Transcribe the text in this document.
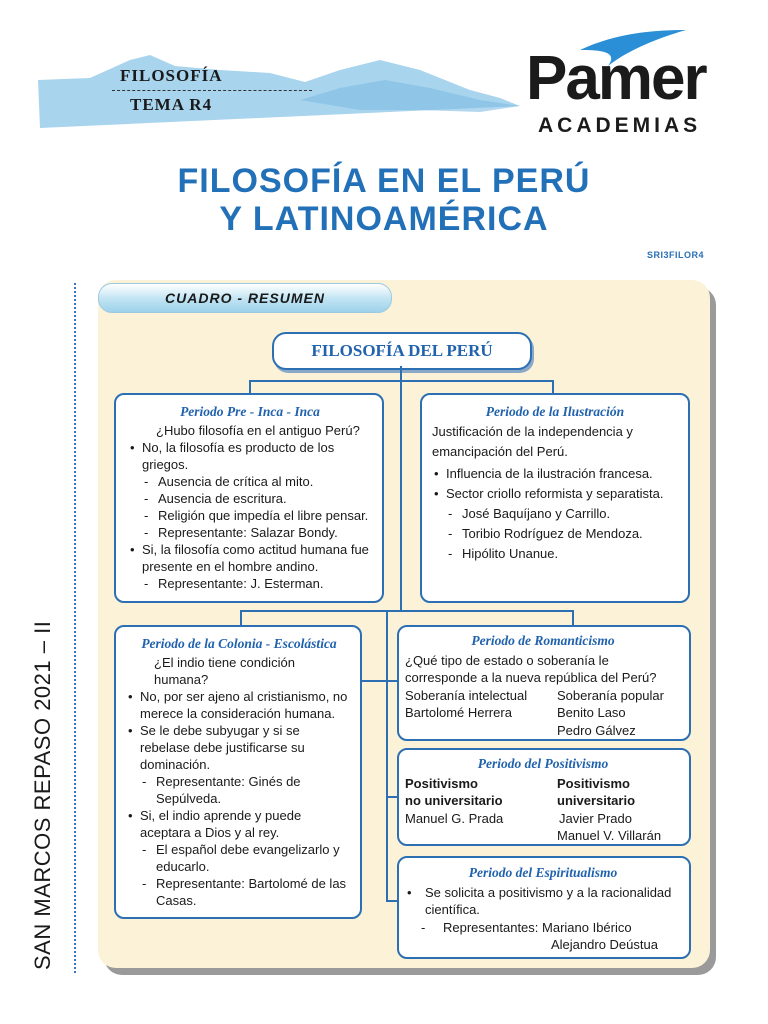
FILOSOFÍA
TEMA R4	Pamer
ACADEMIAS
FILOSOFÍA EN EL PERÚ
Y LATINOAMÉRICA
SRI3FILOR4
SAN MARCOS REPASO 2021 – II
CUADRO - RESUMEN
FILOSOFÍA DEL PERÚ
Periodo Pre - Inca - Inca
¿Hubo filosofía en el antiguo Perú?
• No, la filosofía es producto de los griegos.
- Ausencia de crítica al mito.
- Ausencia de escritura.
- Religión que impedía el libre pensar.
- Representante: Salazar Bondy.
• Si, la filosofía como actitud humana fue presente en el hombre andino.
- Representante: J. Esterman.
Periodo de la Ilustración
Justificación de la independencia y emancipación del Perú.
• Influencia de la ilustración francesa.
• Sector criollo reformista y separatista.
- José Baquíjano y Carrillo.
- Toribio Rodríguez de Mendoza.
- Hipólito Unanue.
Periodo de la Colonia - Escolástica
¿El indio tiene condición humana?
• No, por ser ajeno al cristianismo, no merece la consideración humana.
• Se le debe subyugar y si se rebelase debe justificarse su dominación.
- Representante: Ginés de Sepúlveda.
• Si, el indio aprende y puede aceptara a Dios y al rey.
- El español debe evangelizarlo y educarlo.
- Representante: Bartolomé de las Casas.
Periodo de Romanticismo
¿Qué tipo de estado o soberanía le corresponde a la nueva república del Perú?
Soberanía intelectual
Bartolomé Herrera
Soberanía popular
Benito Laso
Pedro Gálvez
Periodo del Positivismo
Positivismo
no universitario
Manuel G. Prada
Positivismo
universitario
Javier Prado
Manuel V. Villarán
Periodo del Espiritualismo
• Se solicita a positivismo y a la racionalidad científica.
- Representantes: Mariano Ibérico
Alejandro Deústua
